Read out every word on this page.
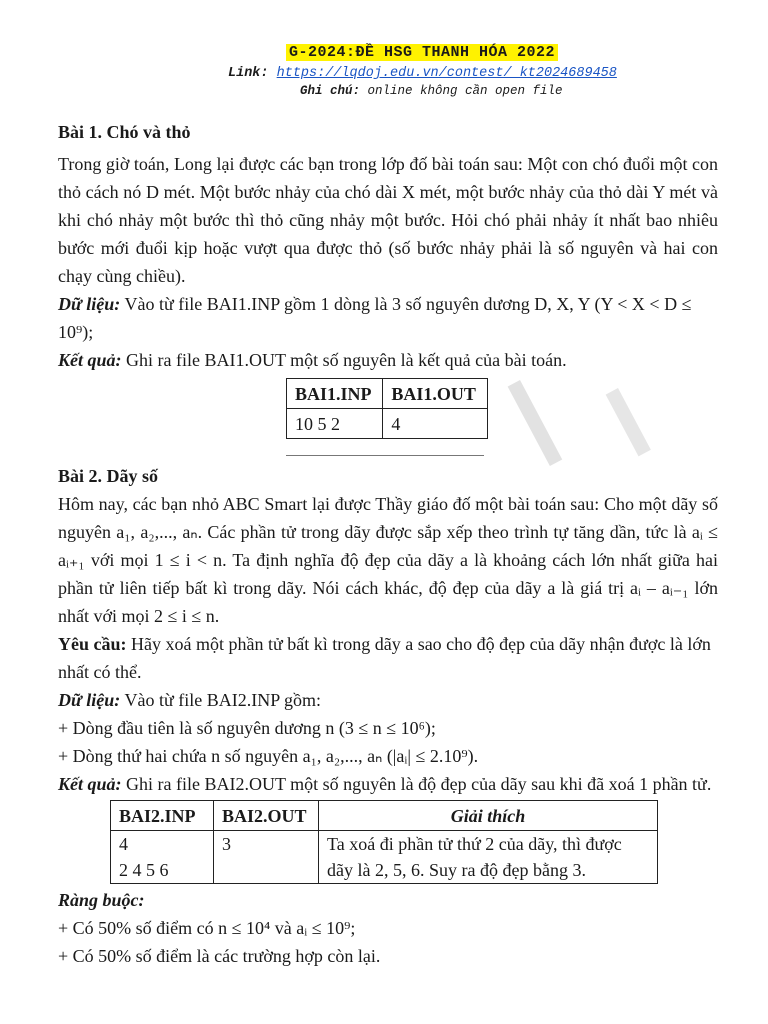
G-2024:ĐỀ HSG THANH HÓA 2022
Link: https://lqdoj.edu.vn/contest/ kt2024689458
Ghi chú: online không cần open file

Bài 1. Chó và thỏ

Trong giờ toán, Long lại được các bạn trong lớp đố bài toán sau: Một con chó đuổi một con thỏ cách nó D mét. Một bước nhảy của chó dài X mét, một bước nhảy của thỏ dài Y mét và khi chó nhảy một bước thì thỏ cũng nhảy một bước. Hỏi chó phải nhảy ít nhất bao nhiêu bước mới đuổi kịp hoặc vượt qua được thỏ (số bước nhảy phải là số nguyên và hai con chạy cùng chiều).

Dữ liệu: Vào từ file BAI1.INP gồm 1 dòng là 3 số nguyên dương D, X, Y (Y < X < D ≤ 10⁹);

Kết quả: Ghi ra file BAI1.OUT một số nguyên là kết quả của bài toán.

BAI1.INP	BAI1.OUT
10 5 2	4

Bài 2. Dãy số

Hôm nay, các bạn nhỏ ABC Smart lại được Thầy giáo đố một bài toán sau: Cho một dãy số nguyên a₁, a₂,..., aₙ. Các phần tử trong dãy được sắp xếp theo trình tự tăng dần, tức là aᵢ ≤ aᵢ₊₁ với mọi 1 ≤ i < n. Ta định nghĩa độ đẹp của dãy a là khoảng cách lớn nhất giữa hai phần tử liên tiếp bất kì trong dãy. Nói cách khác, độ đẹp của dãy a là giá trị aᵢ – aᵢ₋₁ lớn nhất với mọi 2 ≤ i ≤ n.

Yêu cầu: Hãy xoá một phần tử bất kì trong dãy a sao cho độ đẹp của dãy nhận được là lớn nhất có thể.

Dữ liệu: Vào từ file BAI2.INP gồm:

+ Dòng đầu tiên là số nguyên dương n (3 ≤ n ≤ 10⁶);

+ Dòng thứ hai chứa n số nguyên a₁, a₂,..., aₙ (|aᵢ| ≤ 2.10⁹).

Kết quả: Ghi ra file BAI2.OUT một số nguyên là độ đẹp của dãy sau khi đã xoá 1 phần tử.

BAI2.INP	BAI2.OUT	Giải thích

4
2 4 5 6	3	Ta xoá đi phần tử thứ 2 của dãy, thì được dãy là 2, 5, 6. Suy ra độ đẹp bằng 3.

Ràng buộc:

+ Có 50% số điểm có n ≤ 10⁴ và aᵢ ≤ 10⁹;

+ Có 50% số điểm là các trường hợp còn lại.
